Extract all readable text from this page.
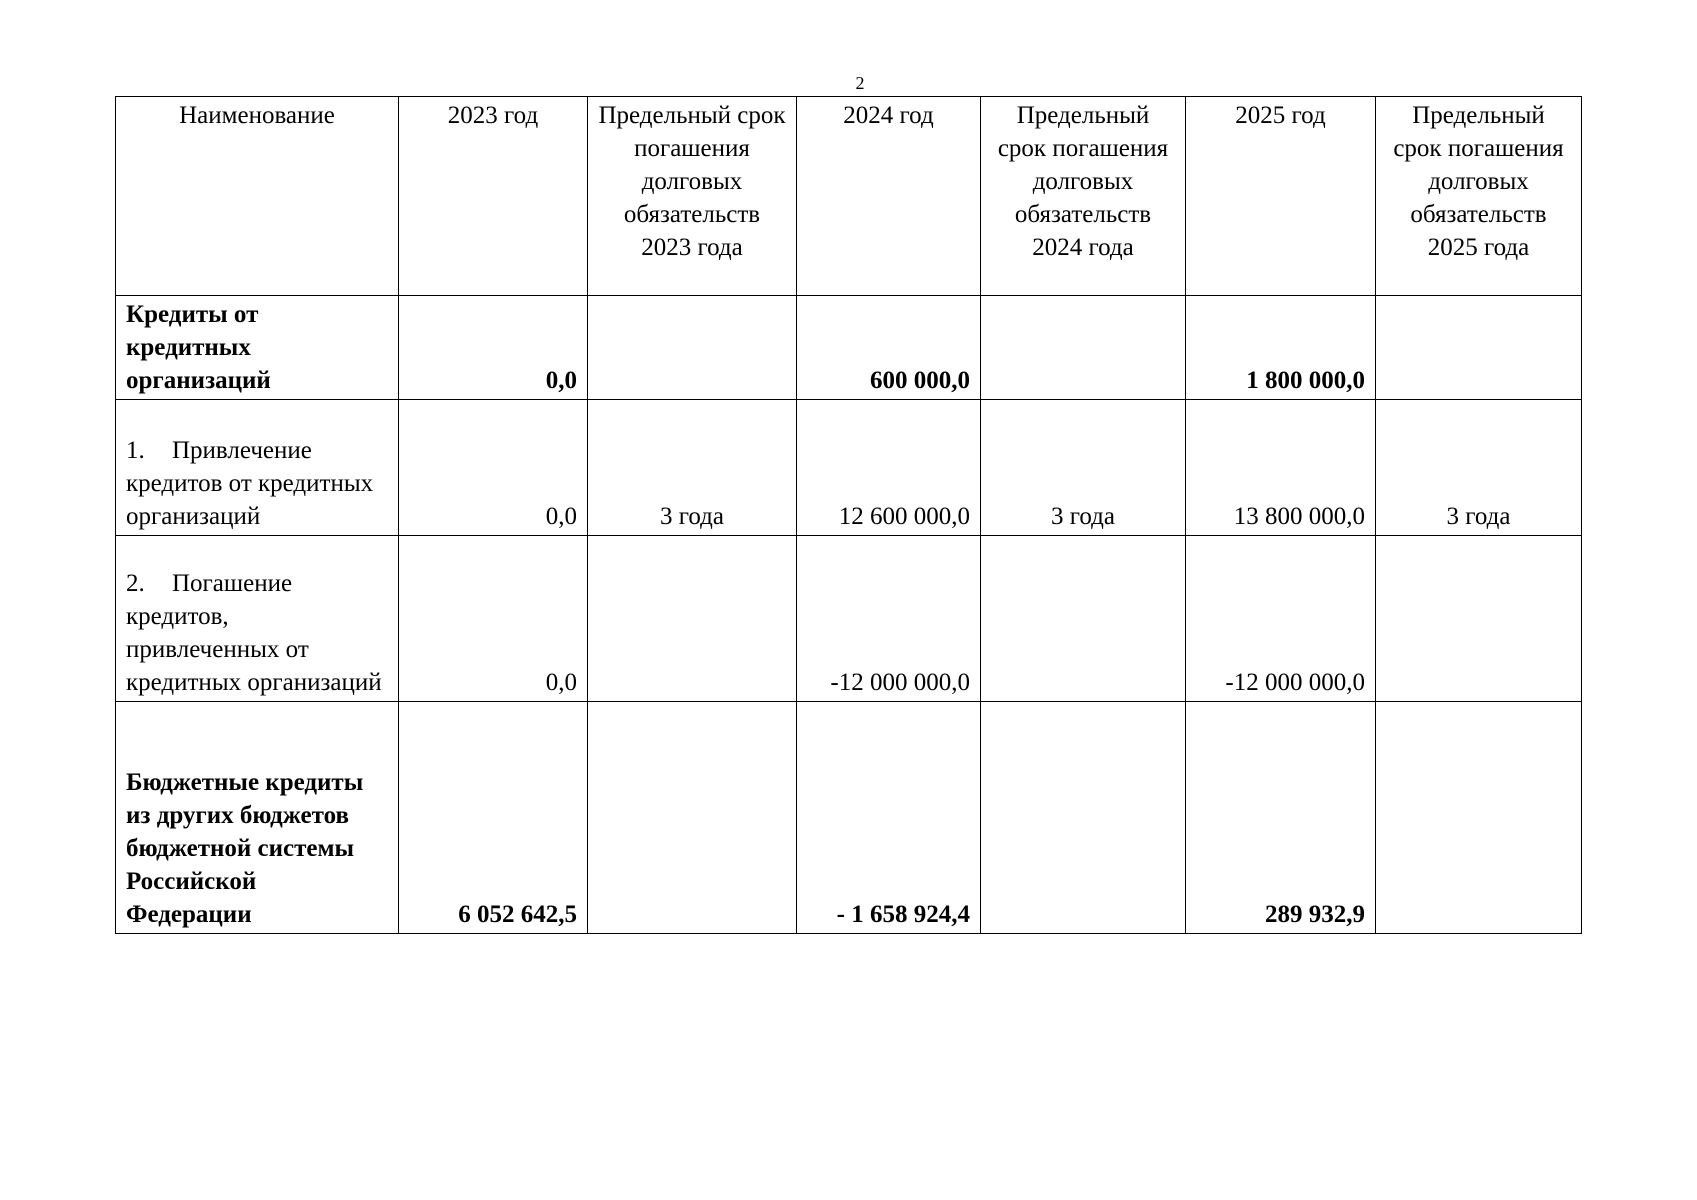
2
Наименование	2023 год	Предельный срок погашения долговых обязательств 2023 года	2024 год	Предельный срок погашения долговых обязательств 2024 года	2025 год	Предельный срок погашения долговых обязательств 2025 года
Кредиты от кредитных организаций	0,0		600 000,0		1 800 000,0	
1. Привлечение кредитов от кредитных организаций	0,0	3 года	12 600 000,0	3 года	13 800 000,0	3 года
2. Погашение кредитов, привлеченных от кредитных организаций	0,0		-12 000 000,0		-12 000 000,0	
Бюджетные кредиты из других бюджетов бюджетной системы Российской Федерации	6 052 642,5		- 1 658 924,4		289 932,9	
